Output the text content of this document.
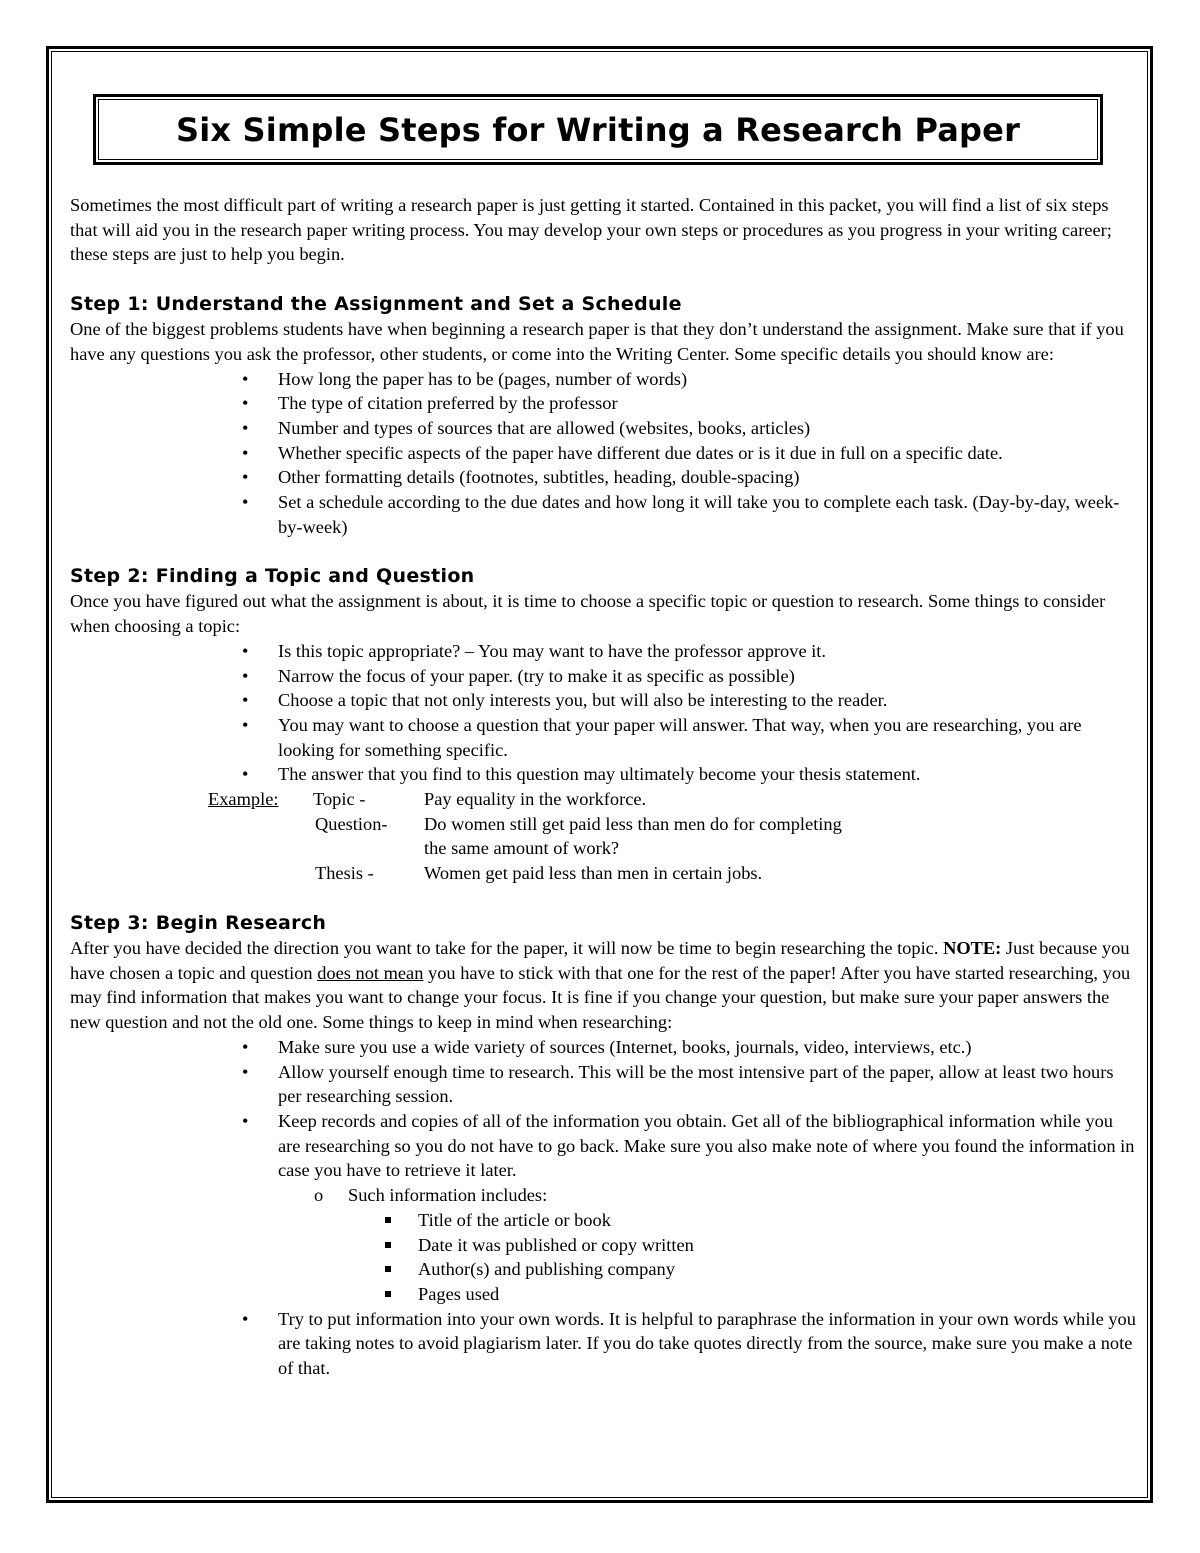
Six Simple Steps for Writing a Research Paper

Sometimes the most difficult part of writing a research paper is just getting it started. Contained in this packet, you will find a list of six steps that will aid you in the research paper writing process. You may develop your own steps or procedures as you progress in your writing career; these steps are just to help you begin.

Step 1: Understand the Assignment and Set a Schedule

One of the biggest problems students have when beginning a research paper is that they don’t understand the assignment. Make sure that if you have any questions you ask the professor, other students, or come into the Writing Center. Some specific details you should know are:

• How long the paper has to be (pages, number of words)
• The type of citation preferred by the professor
• Number and types of sources that are allowed (websites, books, articles)
• Whether specific aspects of the paper have different due dates or is it due in full on a specific date.
• Other formatting details (footnotes, subtitles, heading, double-spacing)
• Set a schedule according to the due dates and how long it will take you to complete each task. (Day-by-day, week-by-week)
Step 2: Finding a Topic and Question

Once you have figured out what the assignment is about, it is time to choose a specific topic or question to research. Some things to consider when choosing a topic:

• Is this topic appropriate? – You may want to have the professor approve it.
• Narrow the focus of your paper. (try to make it as specific as possible)
• Choose a topic that not only interests you, but will also be interesting to the reader.
• You may want to choose a question that your paper will answer. That way, when you are researching, you are looking for something specific.
• The answer that you find to this question may ultimately become your thesis statement.
Example: Topic -	Pay equality in the workforce.
Question- Do women still get paid less than men do for completing
the same amount of work?
Thesis -	Women get paid less than men in certain jobs.
Step 3: Begin Research

After you have decided the direction you want to take for the paper, it will now be time to begin researching the topic. NOTE: Just because you have chosen a topic and question does not mean you have to stick with that one for the rest of the paper! After you have started researching, you may find information that makes you want to change your focus. It is fine if you change your question, but make sure your paper answers the new question and not the old one. Some things to keep in mind when researching:

• Make sure you use a wide variety of sources (Internet, books, journals, video, interviews, etc.)
• Allow yourself enough time to research. This will be the most intensive part of the paper, allow at least two hours per researching session.
• Keep records and copies of all of the information you obtain. Get all of the bibliographical information while you are researching so you do not have to go back. Make sure you also make note of where you found the information in case you have to retrieve it later.
o Such information includes:
Title of the article or book
Date it was published or copy written
Author(s) and publishing company
Pages used
• Try to put information into your own words. It is helpful to paraphrase the information in your own words while you are taking notes to avoid plagiarism later. If you do take quotes directly from the source, make sure you make a note of that.
